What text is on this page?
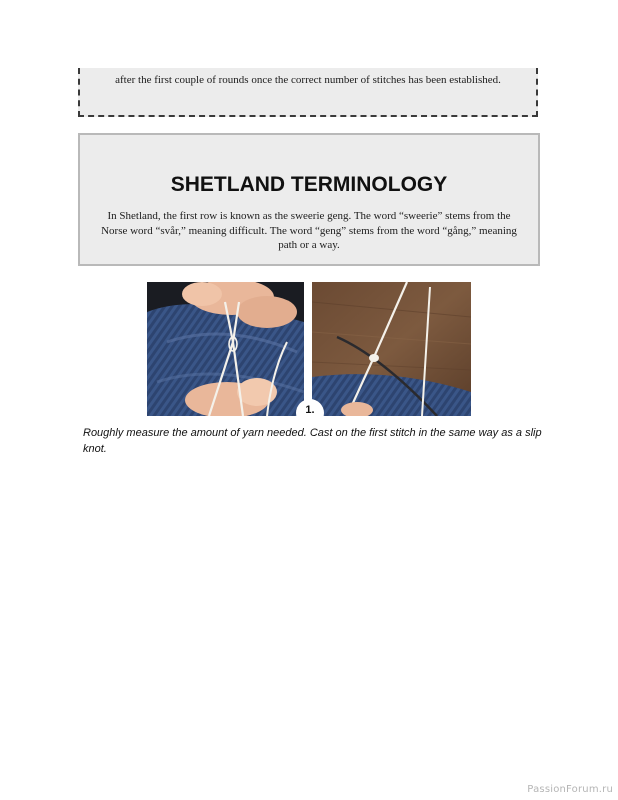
after the first couple of rounds once the correct number of stitches has been established.

SHETLAND TERMINOLOGY

In Shetland, the first row is known as the sweerie geng. The word “sweerie” stems from the Norse word “svår,” meaning difficult. The word “geng” stems from the word “gång,” meaning path or a way.

1.

Roughly measure the amount of yarn needed. Cast on the first stitch in the same way as a slip knot.

PassionForum.ru
